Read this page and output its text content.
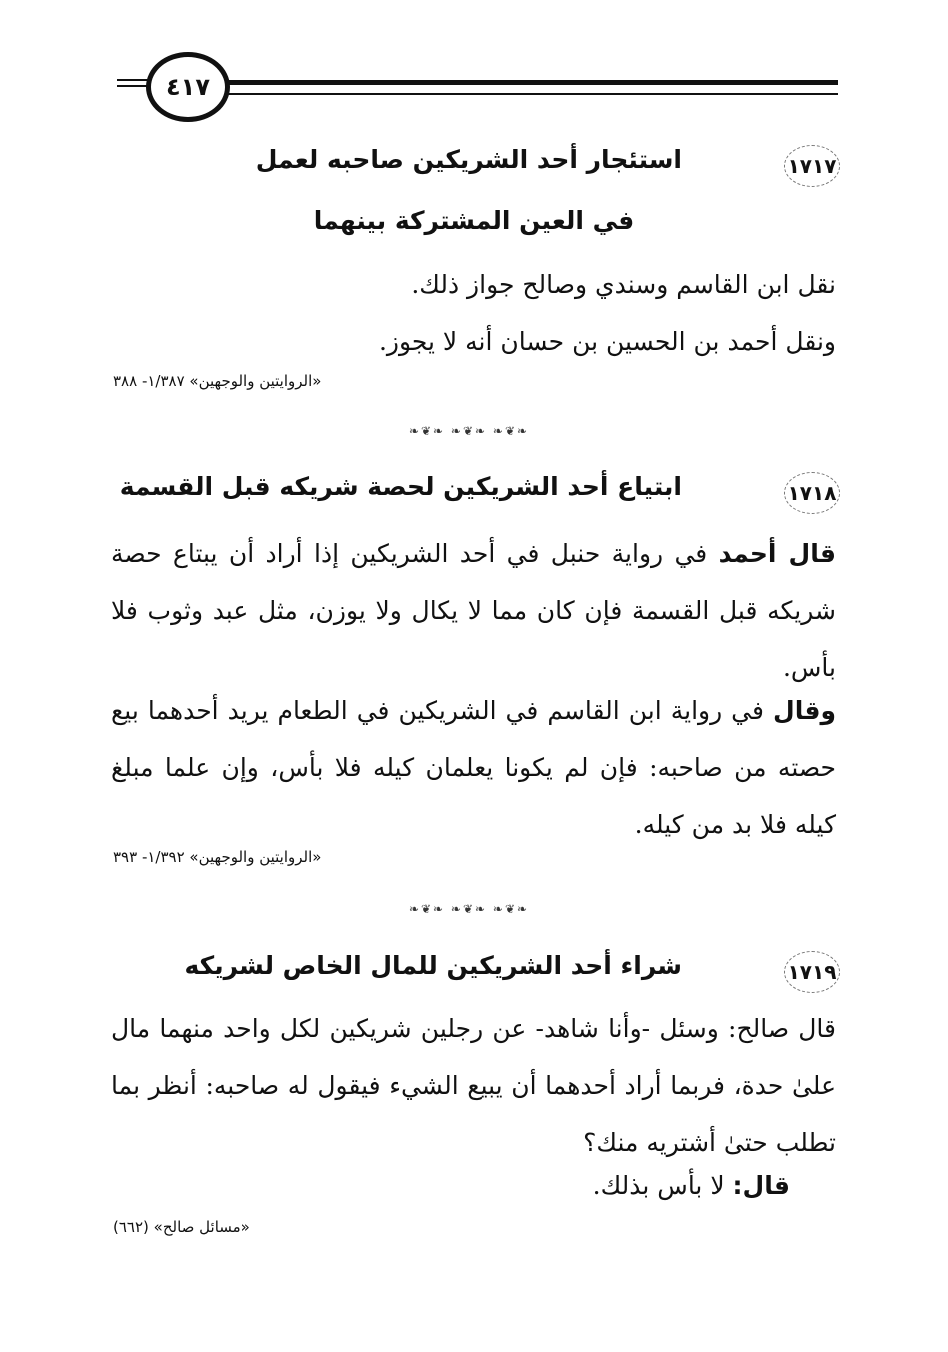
٤١٧
١٧١٧
استئجار أحد الشريكين صاحبه لعمل
في العين المشتركة بينهما

نقل ابن القاسم وسندي وصالح جواز ذلك.

ونقل أحمد بن الحسين بن حسان أنه لا يجوز.

«الروايتين والوجهين» ١/٣٨٧- ٣٨٨
❧❦❧ ❧❦❧ ❧❦❧
١٧١٨
ابتياع أحد الشريكين لحصة شريكه قبل القسمة

قال أحمد في رواية حنبل في أحد الشريكين إذا أراد أن يبتاع حصة شريكه قبل القسمة فإن كان مما لا يكال ولا يوزن، مثل عبد وثوب فلا بأس.

وقال في رواية ابن القاسم في الشريكين في الطعام يريد أحدهما بيع حصته من صاحبه: فإن لم يكونا يعلمان كيله فلا بأس، وإن علما مبلغ كيله فلا بد من كيله.

«الروايتين والوجهين» ١/٣٩٢- ٣٩٣
❧❦❧ ❧❦❧ ❧❦❧
١٧١٩
شراء أحد الشريكين للمال الخاص لشريكه

قال صالح: وسئل -وأنا شاهد- عن رجلين شريكين لكل واحد منهما مال علىٰ حدة، فربما أراد أحدهما أن يبيع الشيء فيقول له صاحبه: أنظر بما تطلب حتىٰ أشتريه منك؟

قال: لا بأس بذلك.

«مسائل صالح» (٦٦٢)
